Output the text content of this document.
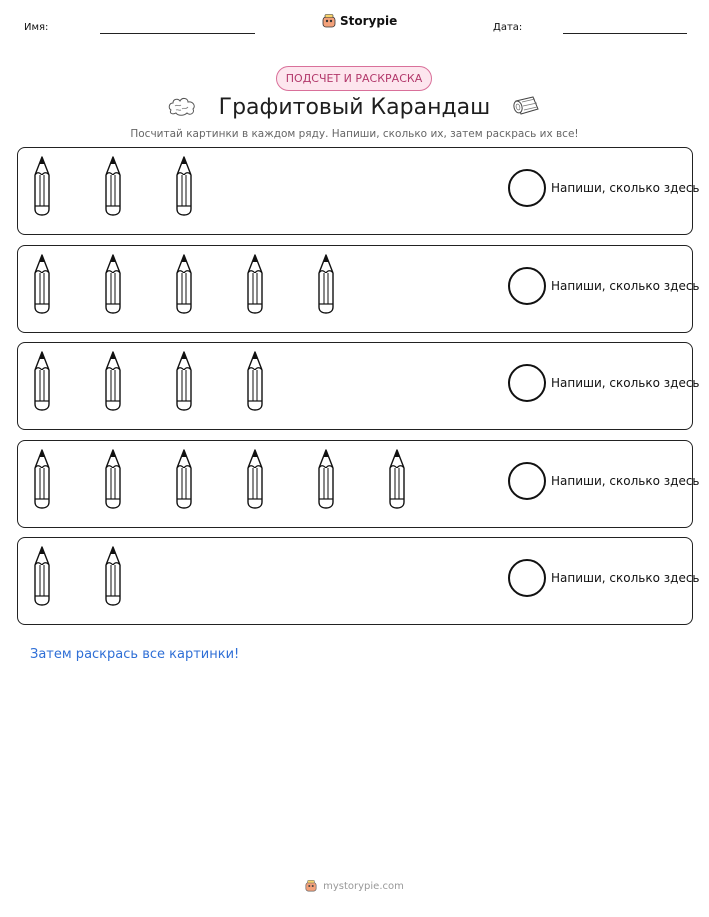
Имя:	Storypie	Дата:
ПОДСЧЕТ И РАСКРАСКА
Графитовый Карандаш
Посчитай картинки в каждом ряду. Напиши, сколько их, затем раскрась их все!
Напиши, сколько здесь
Напиши, сколько здесь
Напиши, сколько здесь
Напиши, сколько здесь
Напиши, сколько здесь
Затем раскрась все картинки!
mystorypie.com
